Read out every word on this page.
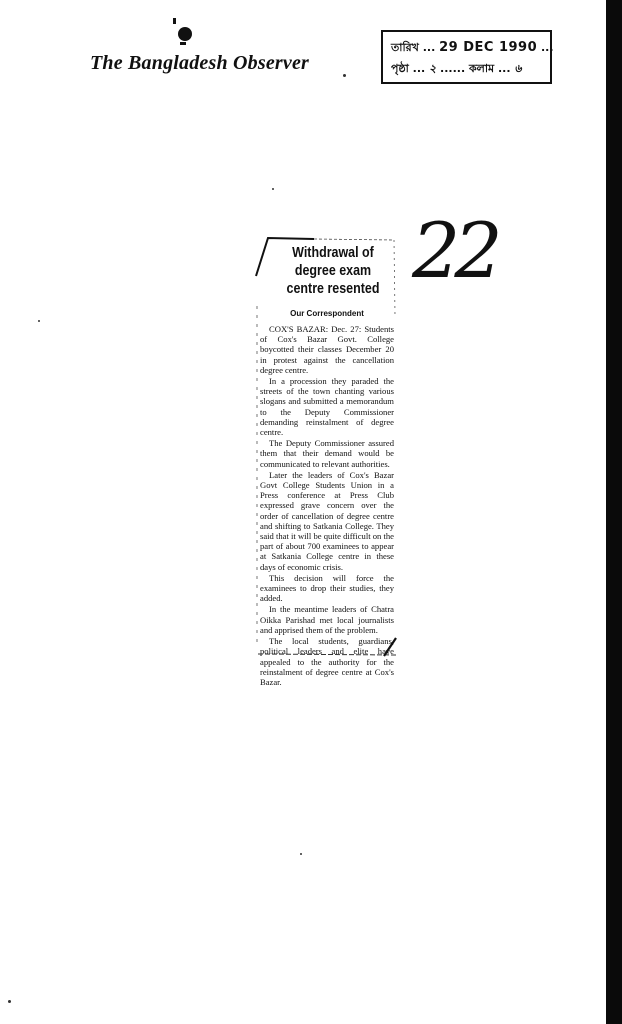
The Bangladesh Observer
তারিখ ... 29 DEC 1990 ...
পৃষ্ঠা ... ২ ...... কলাম ... ৬
22
Withdrawal of
degree exam
centre resented
Our Correspondent

COX'S BAZAR: Dec. 27: Students of Cox's Bazar Govt. College boycotted their classes December 20 in protest against the cancellation degree centre.

In a procession they paraded the streets of the town chanting various slogans and submitted a memorandum to the Deputy Commissioner demanding reinstalment of degree centre.

The Deputy Commissioner assured them that their demand would be communicated to relevant authorities.

Later the leaders of Cox's Bazar Govt College Students Union in a Press conference at Press Club expressed grave concern over the order of cancellation of degree centre and shifting to Satkania College. They said that it will be quite difficult on the part of about 700 examinees to appear at Satkania College centre in these days of economic crisis.

This decision will force the examinees to drop their studies, they added.

In the meantime leaders of Chatra Oikka Parishad met local journalists and apprised them of the problem.

The local students, guardians, political leaders and elite have appealed to the authority for the reinstalment of degree centre at Cox's Bazar.
